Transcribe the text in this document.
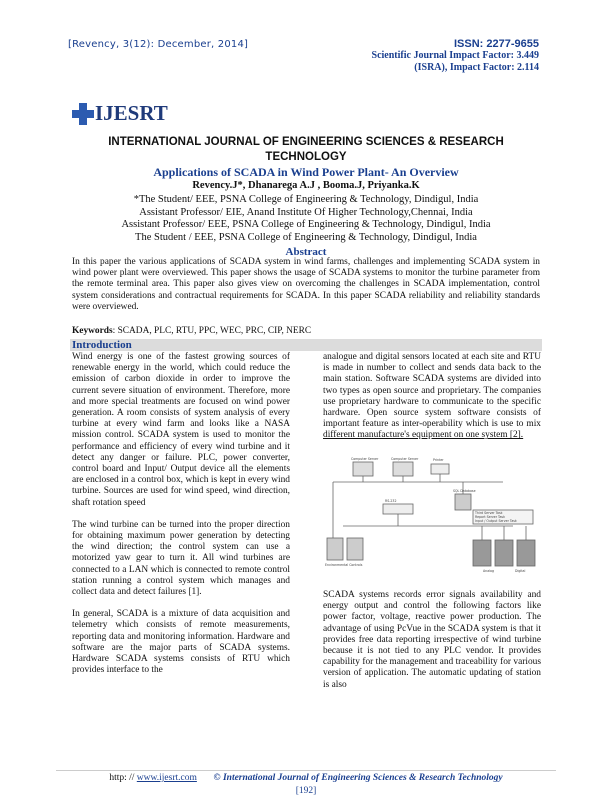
[Revency, 3(12): December, 2014]	ISSN: 2277-9655
Scientific Journal Impact Factor: 3.449
(ISRA), Impact Factor: 2.114
IJESRT
INTERNATIONAL JOURNAL OF ENGINEERING SCIENCES & RESEARCH TECHNOLOGY
Applications of SCADA in Wind Power Plant- An Overview
Revency.J*, Dhanarega A.J , Booma.J, Priyanka.K
*The Student/ EEE, PSNA College of Engineering & Technology, Dindigul, India
Assistant Professor/ EIE, Anand Institute Of Higher Technology,Chennai, India
Assistant Professor/ EEE, PSNA College of Engineering & Technology, Dindigul, India
The Student / EEE, PSNA College of Engineering & Technology, Dindigul, India
Abstract
In this paper the various applications of SCADA system in wind farms, challenges and implementing SCADA system in wind power plant were overviewed. This paper shows the usage of SCADA systems to monitor the turbine parameter from the remote terminal area. This paper also gives view on overcoming the challenges in SCADA implementation, control system considerations and contractual requirements for SCADA. In this paper SCADA reliability and reliability standards were overviewed.
Keywords: SCADA, PLC, RTU, PPC, WEC, PRC, CIP, NERC
Introduction

Wind energy is one of the fastest growing sources of renewable energy in the world, which could reduce the emission of carbon dioxide in order to improve the current severe situation of environment. Therefore, more and more special treatments are focused on wind power generation. A room consists of system analysis of every turbine at every wind farm and looks like a NASA mission control. SCADA system is used to monitor the performance and efficiency of every wind turbine and it detect any danger or failure. PLC, power converter, control board and Input/ Output device all the elements are enclosed in a control box, which is kept in every wind turbine. Sources are used for wind speed, wind direction, shaft rotation speed

The wind turbine can be turned into the proper direction for obtaining maximum power generation by detecting the wind direction; the control system can use a motorized yaw gear to turn it. All wind turbines are connected to a LAN which is connected to remote control station running a control system which manages and collect data and detect failures [1].

In general, SCADA is a mixture of data acquisition and telemetry which consists of remote measurements, reporting data and monitoring information. Hardware and software are the major parts of SCADA systems. Hardware SCADA systems consists of RTU which provides interface to the

analogue and digital sensors located at each site and RTU is made in number to collect and sends data back to the main station. Software SCADA systems are divided into two types as open source and proprietary. The companies use proprietary hardware to communicate to the specific hardware. Open source system software consists of important feature as inter-operability which is use to mix different manufacture's equipment on one system [2].
Computer Server	Computer Server	Printer
SQL Database
RS-232
Third Server Task
Report Server Task
Input / Output Server Task
Environmental Controls
Analog	Digital
SCADA systems records error signals availability and energy output and control the following factors like power factor, voltage, reactive power production. The advantage of using PcVue in the SCADA system is that it provides free data reporting irrespective of wind turbine because it is not tied to any PLC vendor. It provides capability for the management and traceability for various version of application. The automatic updating of station is also
http: // www.ijesrt.com © International Journal of Engineering Sciences & Research Technology
[192]
